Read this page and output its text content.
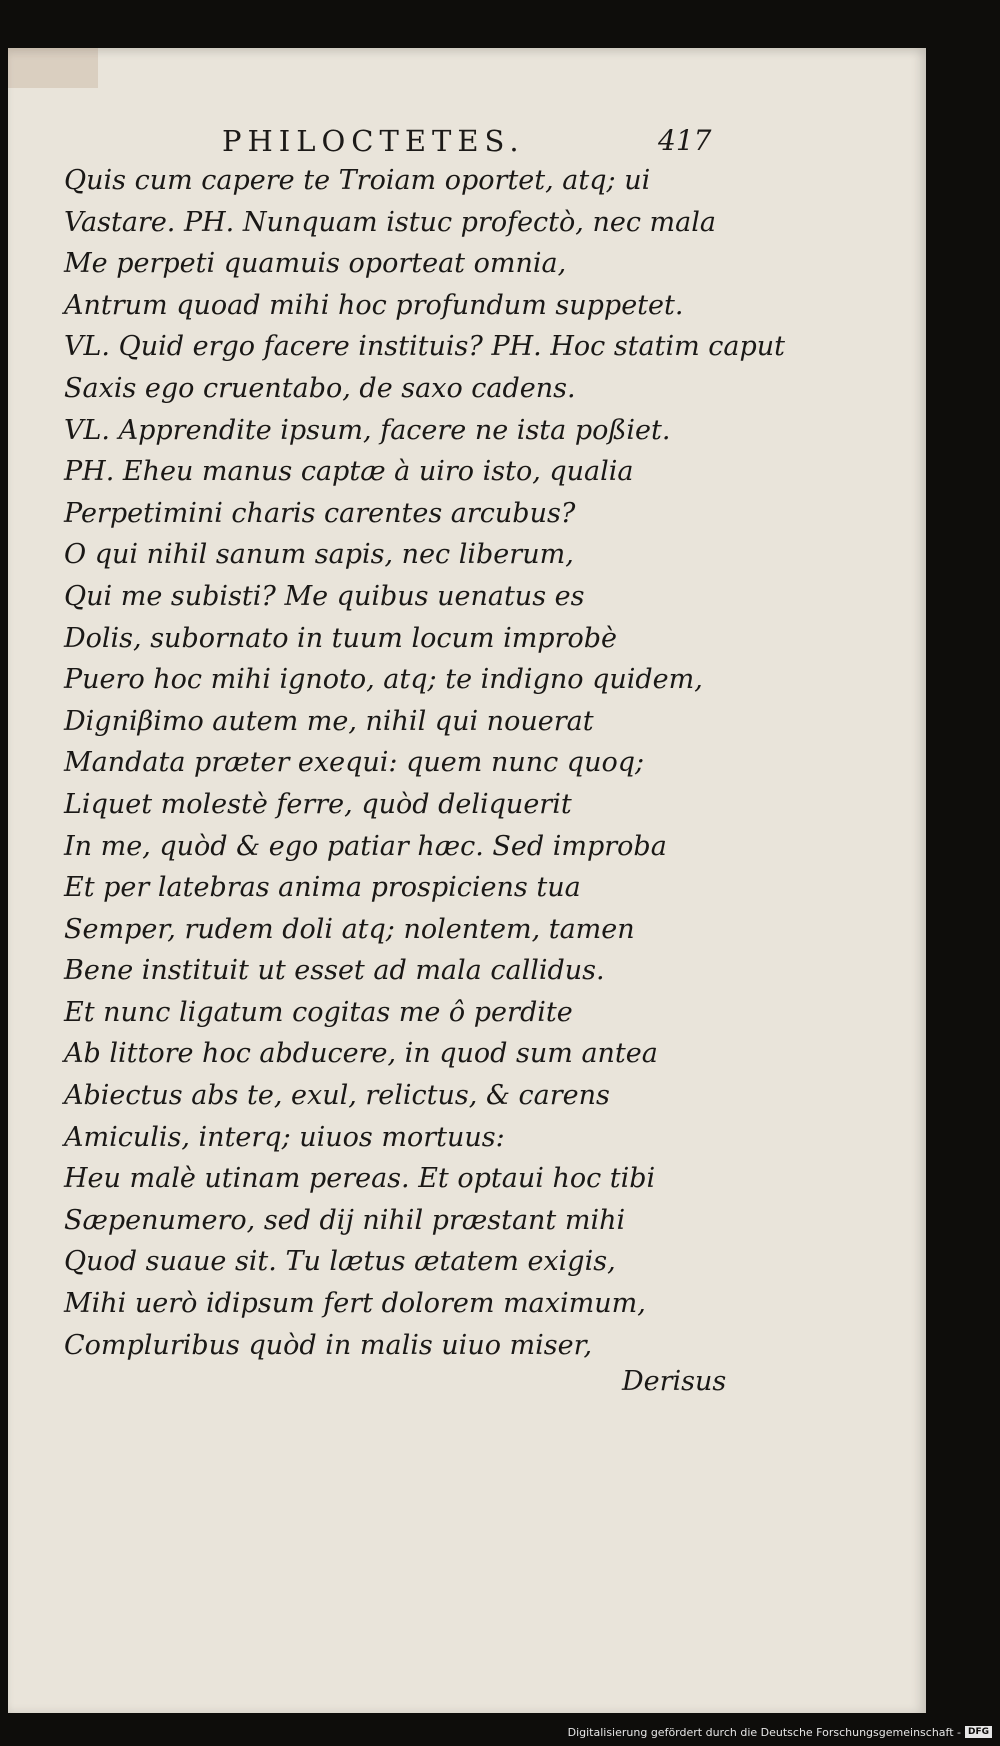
PHILOCTETES.	417
Quis cum capere te Troiam oportet, atq; ui
Vastare. PH. Nunquam istuc profectò, nec mala
Me perpeti quamuis oporteat omnia,
Antrum quoad mihi hoc profundum suppetet.
VL. Quid ergo facere instituis? PH. Hoc statim caput
Saxis ego cruentabo, de saxo cadens.
VL. Apprendite ipsum, facere ne ista poßiet.
PH. Eheu manus captæ à uiro isto, qualia
Perpetimini charis carentes arcubus?
O qui nihil sanum sapis, nec liberum,
Qui me subisti? Me quibus uenatus es
Dolis, subornato in tuum locum improbè
Puero hoc mihi ignoto, atq; te indigno quidem,
Digniβimo autem me, nihil qui nouerat
Mandata præter exequi: quem nunc quoq;
Liquet molestè ferre, quòd deliquerit
In me, quòd & ego patiar hæc. Sed improba
Et per latebras anima prospiciens tua
Semper, rudem doli atq; nolentem, tamen
Bene instituit ut esset ad mala callidus.
Et nunc ligatum cogitas me ô perdite
Ab littore hoc abducere, in quod sum antea
Abiectus abs te, exul, relictus, & carens
Amiculis, interq; uiuos mortuus:
Heu malè utinam pereas. Et optaui hoc tibi
Sæpenumero, sed dij nihil præstant mihi
Quod suaue sit. Tu lætus ætatem exigis,
Mihi uerò idipsum fert dolorem maximum,
Compluribus quòd in malis uiuo miser,
Derisus
Digitalisierung gefördert durch die Deutsche Forschungsgemeinschaft - DFG
